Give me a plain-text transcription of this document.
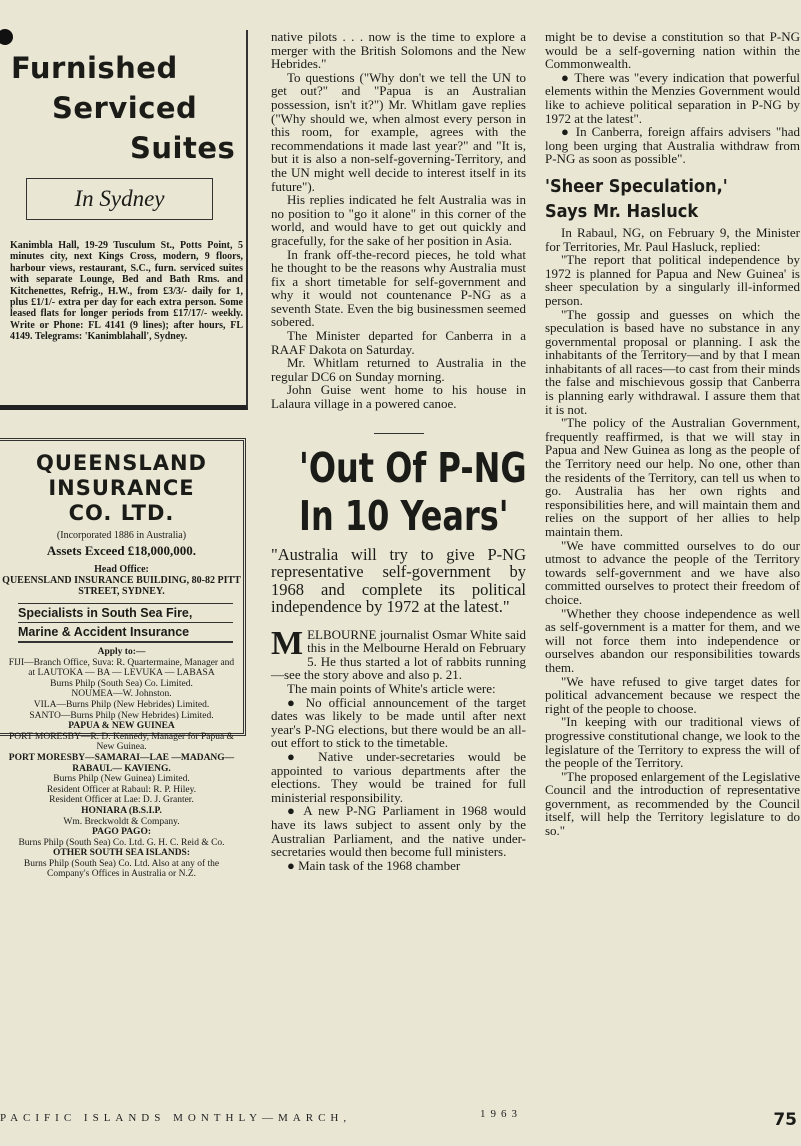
Furnished
Serviced
Suites
In Sydney
Kanimbla Hall, 19-29 Tusculum St., Potts Point, 5 minutes city, next Kings Cross, modern, 9 floors, harbour views, restaurant, S.C., furn. serviced suites with separate Lounge, Bed and Bath Rms. and Kitchenettes, Refrig., H.W., from £3/3/- daily for 1, plus £1/1/- extra per day for each extra person. Some leased flats for longer periods from £17/17/- weekly. Write or Phone: FL 4141 (9 lines); after hours, FL 4149. Telegrams: 'Kanimblahall', Sydney.
QUEENSLAND
INSURANCE
CO. LTD.
(Incorporated 1886 in Australia)
Assets Exceed £18,000,000.
Head Office:
QUEENSLAND INSURANCE BUILDING, 80-82 PITT STREET, SYDNEY.
Specialists in South Sea Fire,
Marine & Accident Insurance
Apply to:—
FIJI—Branch Office, Suva: R. Quartermaine, Manager and at LAUTOKA — BA — LEVUKA — LABASA
Burns Philp (South Sea) Co. Limited.
NOUMEA—W. Johnston.
VILA—Burns Philp (New Hebrides) Limited.
SANTO—Burns Philp (New Hebrides) Limited.
PAPUA & NEW GUINEA
PORT MORESBY—R. D. Kennedy, Manager for Papua & New Guinea.
PORT MORESBY—SAMARAI—LAE —MADANG—RABAUL— KAVIENG.
Burns Philp (New Guinea) Limited.
Resident Officer at Rabaul: R. P. Hiley.
Resident Officer at Lae: D. J. Granter.
HONIARA (B.S.I.P.
Wm. Breckwoldt & Company.
PAGO PAGO:
Burns Philp (South Sea) Co. Ltd. G. H. C. Reid & Co.
OTHER SOUTH SEA ISLANDS:
Burns Philp (South Sea) Co. Ltd. Also at any of the Company's Offices in Australia or N.Z.

native pilots . . . now is the time to explore a merger with the British Solomons and the New Hebrides."

To questions ("Why don't we tell the UN to get out?" and "Papua is an Australian possession, isn't it?") Mr. Whitlam gave replies ("Why should we, when almost every person in this room, for example, agrees with the recommendations it made last year?" and "It is, but it is also a non-self-governing-Territory, and the UN might well decide to interest itself in its future").

His replies indicated he felt Australia was in no position to "go it alone" in this corner of the world, and would have to get out quickly and gracefully, for the sake of her position in Asia.

In frank off-the-record pieces, he told what he thought to be the reasons why Australia must fix a short timetable for self-government and why it would not countenance P-NG as a seventh State. Even the big businessmen seemed sobered.

The Minister departed for Canberra in a RAAF Dakota on Saturday.

Mr. Whitlam returned to Australia in the regular DC6 on Sunday morning.

John Guise went home to his house in Lalaura village in a powered canoe.

'Out Of P-NG
In 10 Years'
"Australia will try to give P-NG representative self-government by 1968 and complete its political independence by 1972 at the latest."
M ELBOURNE journalist Osmar White said this in the Melbourne Herald on February 5. He thus started a lot of rabbits running—see the story above and also p. 21.

The main points of White's article were:

● No official announcement of the target dates was likely to be made until after next year's P-NG elections, but there would be an all-out effort to stick to the timetable.

● Native under-secretaries would be appointed to various departments after the elections. They would be trained for full ministerial responsibility.

● A new P-NG Parliament in 1968 would have its laws subject to assent only by the Australian Parliament, and the native under-secretaries would then become full ministers.

● Main task of the 1968 chamber

might be to devise a constitution so that P-NG would be a self-governing nation within the Commonwealth.

● There was "every indication that powerful elements within the Menzies Government would like to achieve political separation in P-NG by 1972 at the latest".

● In Canberra, foreign affairs advisers "had long been urging that Australia withdraw from P-NG as soon as possible".

'Sheer Speculation,'
Says Mr. Hasluck

In Rabaul, NG, on February 9, the Minister for Territories, Mr. Paul Hasluck, replied:

"The report that political independence by 1972 is planned for Papua and New Guinea' is sheer speculation by a singularly ill-informed person.

"The gossip and guesses on which the speculation is based have no substance in any governmental proposal or planning. I ask the inhabitants of the Territory—and by that I mean inhabitants of all races—to cast from their minds the false and mischievous gossip that Canberra is planning early withdrawal. I assure them that it is not.

"The policy of the Australian Government, frequently reaffirmed, is that we will stay in Papua and New Guinea as long as the people of the Territory need our help. No one, other than the residents of the Territory, can tell us when to go. Australia has her own rights and responsibilities here, and will maintain them and relies on the support of her allies to help maintain them.

"We have committed ourselves to do our utmost to advance the people of the Territory towards self-government and we have also committed ourselves to protect their freedom of choice.

"Whether they choose independence as well as self-government is a matter for them, and we will not force them into independence or ourselves abandon our responsibilities towards them.

"We have refused to give target dates for political advancement because we respect the right of the people to choose.

"In keeping with our traditional views of progressive constitutional change, we look to the legislature of the Territory to express the will of the people of the Territory.

"The proposed enlargement of the Legislative Council and the introduction of representative government, as recommended by the Council itself, will help the Territory legislature to do so."

PACIFIC ISLANDS MONTHLY—MARCH,	1963	75
